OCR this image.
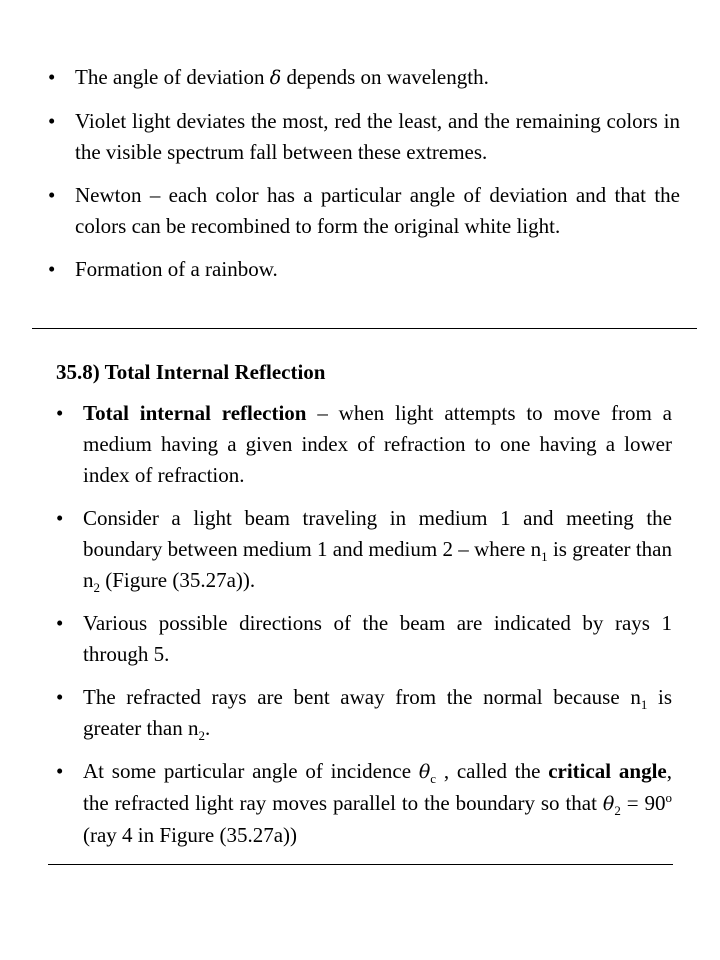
• The angle of deviation δ depends on wavelength.
• Violet light deviates the most, red the least, and the remaining colors in the visible spectrum fall between these extremes.
• Newton – each color has a particular angle of deviation and that the colors can be recombined to form the original white light.
• Formation of a rainbow.
35.8) Total Internal Reflection
• Total internal reflection – when light attempts to move from a medium having a given index of refraction to one having a lower index of refraction.
• Consider a light beam traveling in medium 1 and meeting the boundary between medium 1 and medium 2 – where $n_1$ is greater than $n_2$ (Figure (35.27a)).
• Various possible directions of the beam are indicated by rays 1 through 5.
• The refracted rays are bent away from the normal because $n_1$ is greater than $n_2$.
• At some particular angle of incidence $\theta_c$ , called the critical angle, the refracted light ray moves parallel to the boundary so that $\theta_2 = 90^o$ (ray 4 in Figure (35.27a))
